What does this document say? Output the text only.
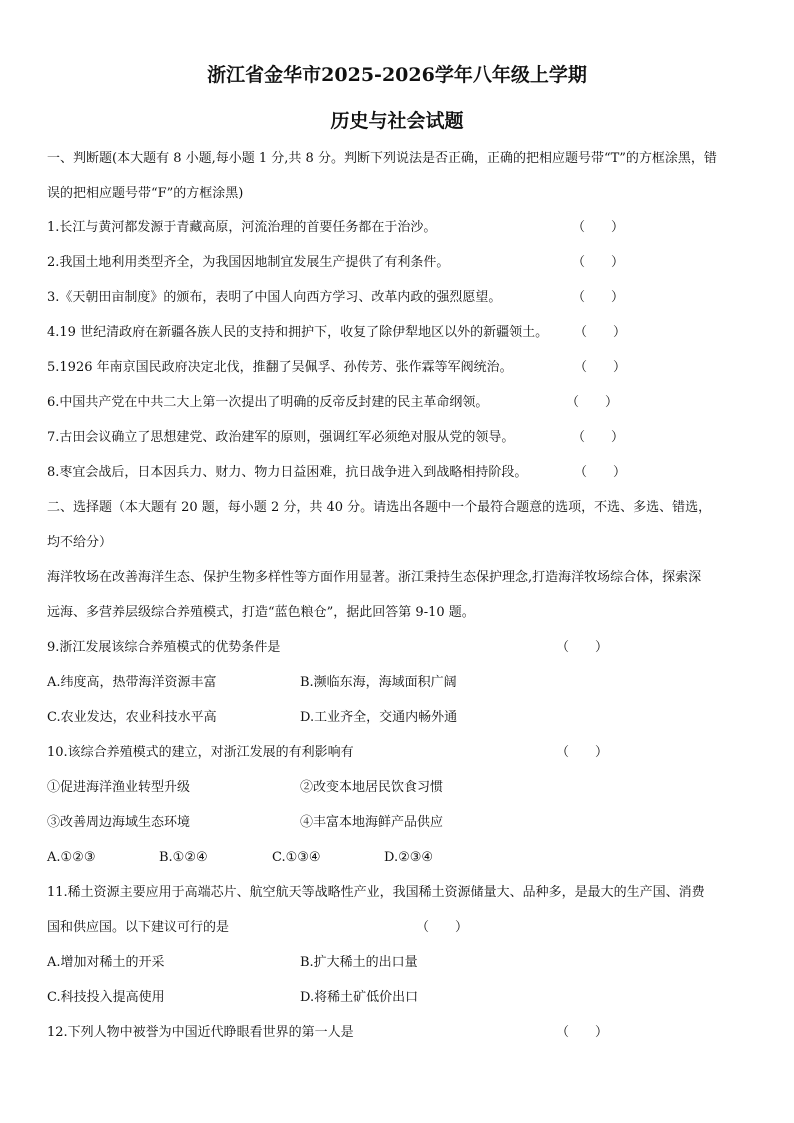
浙江省金华市2025-2026学年八年级上学期
历史与社会试题
一、判断题(本大题有 8 小题,每小题 1 分,共 8 分。判断下列说法是否正确，正确的把相应题号带“T”的方框涂黑，错
误的把相应题号带“F”的方框涂黑)
1.长江与黄河都发源于青藏高原，河流治理的首要任务都在于治沙。	（　　）
2.我国土地利用类型齐全，为我国因地制宜发展生产提供了有利条件。	（　　）
3.《天朝田亩制度》的颁布，表明了中国人向西方学习、改革内政的强烈愿望。	（　　）
4.19 世纪清政府在新疆各族人民的支持和拥护下，收复了除伊犁地区以外的新疆领土。 （　　）
5.1926 年南京国民政府决定北伐，推翻了吴佩孚、孙传芳、张作霖等军阀统治。	（　　）
6.中国共产党在中共二大上第一次提出了明确的反帝反封建的民主革命纲领。	（　　）
7.古田会议确立了思想建党、政治建军的原则，强调红军必须绝对服从党的领导。	（　　）
8.枣宜会战后，日本因兵力、财力、物力日益困难，抗日战争进入到战略相持阶段。	（　　）
二、选择题（本大题有 20 题，每小题 2 分，共 40 分。请选出各题中一个最符合题意的选项，不选、多选、错选，
均不给分）
海洋牧场在改善海洋生态、保护生物多样性等方面作用显著。浙江秉持生态保护理念,打造海洋牧场综合体，探索深
远海、多营养层级综合养殖模式，打造“蓝色粮仓”，据此回答第 9-10 题。
9.浙江发展该综合养殖模式的优势条件是	（　　）
A.纬度高，热带海洋资源丰富	B.濒临东海，海域面积广阔
C.农业发达，农业科技水平高	D.工业齐全，交通内畅外通
10.该综合养殖模式的建立，对浙江发展的有利影响有	（　　）
①促进海洋渔业转型升级	②改变本地居民饮食习惯
③改善周边海域生态环境	④丰富本地海鲜产品供应
A.①②③	B.①②④	C.①③④	D.②③④
11.稀土资源主要应用于高端芯片、航空航天等战略性产业，我国稀土资源储量大、品种多，是最大的生产国、消费
国和供应国。以下建议可行的是	（　　）
A.增加对稀土的开采	B.扩大稀土的出口量
C.科技投入提高使用	D.将稀土矿低价出口
12.下列人物中被誉为中国近代睁眼看世界的第一人是	（　　）
